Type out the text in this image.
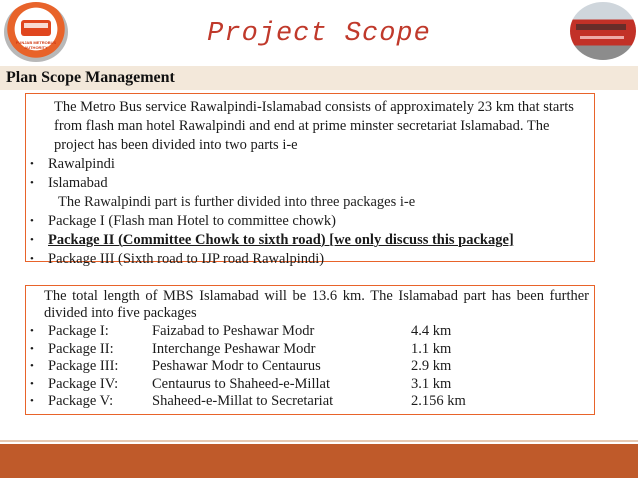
PUNJAB METROBUS AUTHORITY	Project Scope
Plan Scope Management
The Metro Bus service Rawalpindi-Islamabad consists of approximately 23 km that starts from flash man hotel Rawalpindi and end at prime minster secretariat Islamabad. The project has been divided into two parts i-e
• Rawalpindi
• Islamabad
The Rawalpindi part is further divided into three packages i-e
• Package I (Flash man Hotel to committee chowk)
• Package II (Committee Chowk to sixth road) [we only discuss this package]
• Package III (Sixth road to IJP road Rawalpindi)
The total length of MBS Islamabad will be 13.6 km. The Islamabad part has been further divided into five packages
• Package I:	Faizabad to Peshawar Modr	4.4 km
• Package II:	Interchange Peshawar Modr	1.1 km
• Package III: Peshawar Modr to Centaurus	2.9 km
• Package IV: Centaurus to Shaheed-e-Millat	3.1 km
• Package V:	Shaheed-e-Millat to Secretariat	2.156 km
